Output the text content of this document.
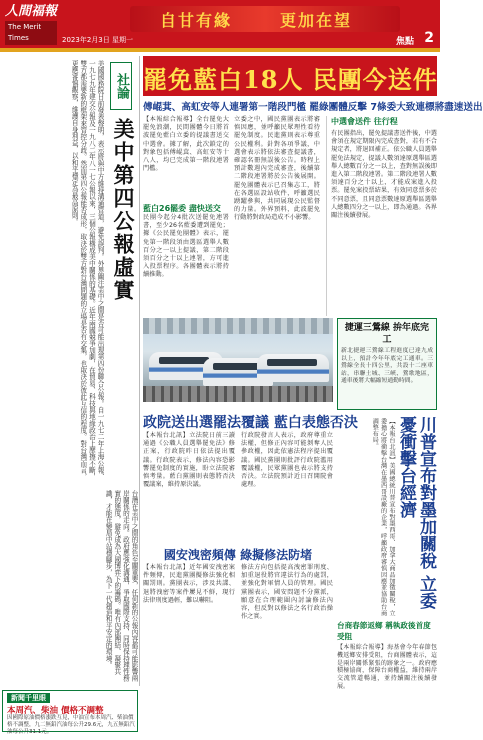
人間福報
The Merit Times
自甘有緣	更加在望
2023年2月3日 星期一	焦點 2
社論
美中第四公報虛實
美國國務院日前發表聲明，表示將與中方維持溝通管道，避免誤判。外界關注美中之間是否可能出現第四份聯合公報。自一九七二年上海公報、一九七九年建交公報及一九八二年八一七公報以來，三個公報構成美中關係的基礎。近年兩國競爭加劇，在貿易、科技與地緣政治上摩擦不斷，雙方都需要新的框架來管控分歧。然而第四公報能否成形，取決於雙方對台灣問題的立場是否有交集，也取決於彼此互信的程度。對台灣而言，更應審慎觀察，維護自身利益，以和平穩定為最高原則。
台灣在美中之間的角色至關重要，任何新的公報內容都可能影響兩岸關係的走向。政府應強化溝通，爭取國際支持，同時保持理性務實的態度，避免成為大國博弈下的籌碼。唯有內部團結、凝聚共識，才能在變局中站穩腳步，為下一代創造和平安定的環境。
新聞千里眼
本周汽、柴油 價格不調整
因國際原油價格漲跌互見，中油宣布本周汽、柴油價格不調整，九二無鉛汽油每公升29.6元，九五無鉛汽油每公升31.1元。
罷免藍白18人 民團今送件
傅崐萁、高虹安等人連署第一階段門檻 罷綠團體反擊 7條委大致連標將盡速送出
【本報綜合報導】全台罷免大罷免浪潮，民間團體今日將首波罷免藍白立委的提議書送交中選會。據了解，此次鎖定的對象包括傅崐萁、高虹安等十八人，均已完成第一階段連署門檻。
藍白26罷委 盡快送交
民團今起分4批次送罷免連署書，至少26名藍委遭到罷免；據《公民罷免團體》表示，罷免第一階段須由選區選舉人數百分之一以上提議，第二階段須百分之十以上連署，方可進入投票程序。各團體表示將持續推動。
立委之中，國民黨團表示將審慎因應，並呼籲民眾理性看待罷免制度。民進黨則表示尊重公民權利。針對各項爭議，中選會表示將依法審查提議書，確認名冊無誤後公告。時程上預計數週內完成審查，後續第二階段連署將於公告後展開。罷免團體表示已召集志工，將在各選區設站收件，呼籲選民踴躍參與，共同展現公民監督的力量。外界預料，此波罷免行動將對政局造成不小影響。
中選會送件 往行程
有民團指出，罷免提議書送件後，中選會須在規定期限內完成查對，若有不合規定者，將退回補正。依公職人員選舉罷免法規定，提議人數須達原選舉區選舉人總數百分之一以上，查對無誤後即進入第二階段連署。第二階段連署人數須達百分之十以上，才能成案進入投票。罷免案投票結果，有效同意票多於不同意票，且同意票數達原選舉區選舉人總數四分之一以上，即為通過。各界關注後續發展。
捷運三鶯線 拚年底完工
新北捷運三鶯線工程進度已達九成以上，預計今年年底完工通車。三鶯線全長十四公里，共設十二座車站，串聯土城、三峽、鶯歌地區，通車後將大幅縮短通勤時間。
政院送出選罷法覆議 藍白表態否決
【本報台北訊】立法院日前三讀通過《公職人員選舉罷免法》修正案，行政院昨日依法提出覆議。行政院表示，修法內容恐影響罷免制度的實施，盼立法院審慎考量。藍白黨團則表態將否決覆議案，維持原決議。
行政院發言人表示，政府尊重立法權，但修正內容可能剝奪人民參政權，因此依憲法程序提出覆議。國民黨團則批評行政院濫用覆議權，民眾黨團也表示將支持否決。立法院預計近日召開院會處理。
國安洩密頻傳 綠擬修法防堵
【本報台北訊】近年國安洩密案件頻傳，民進黨團擬修法強化相關罰則。黨團表示，涉及共諜、退將洩密等案件屢見不鮮，現行法律刑度過輕，難以嚇阻。
修法方向包括提高洩密罪刑度、加重退役將官違法行為的處罰，並強化對軍情人員的管理。國民黨團表示，國安問題不分黨派，願意在合理範圍內討論修法內容，但反對以修法之名行政治操作之實。
川普宣布對墨加關稅 立委憂衝擊台經濟
【本報台北訊】美國總統川普宣布對墨西哥、加拿大商品加徵關稅，立委擔心將衝擊台灣在墨西哥設廠的企業，呼籲政府審慎因應並協助台商調整布局。
台商春節返鄉 稱執政後首度受阻
【本報綜合報導】海基會今年春節包機返鄉安排受阻，台商團體表示，這是兩岸關係緊張的跡象之一。政府應積極協商，保障台商權益，維持兩岸交流管道暢通，並持續關注後續發展。
